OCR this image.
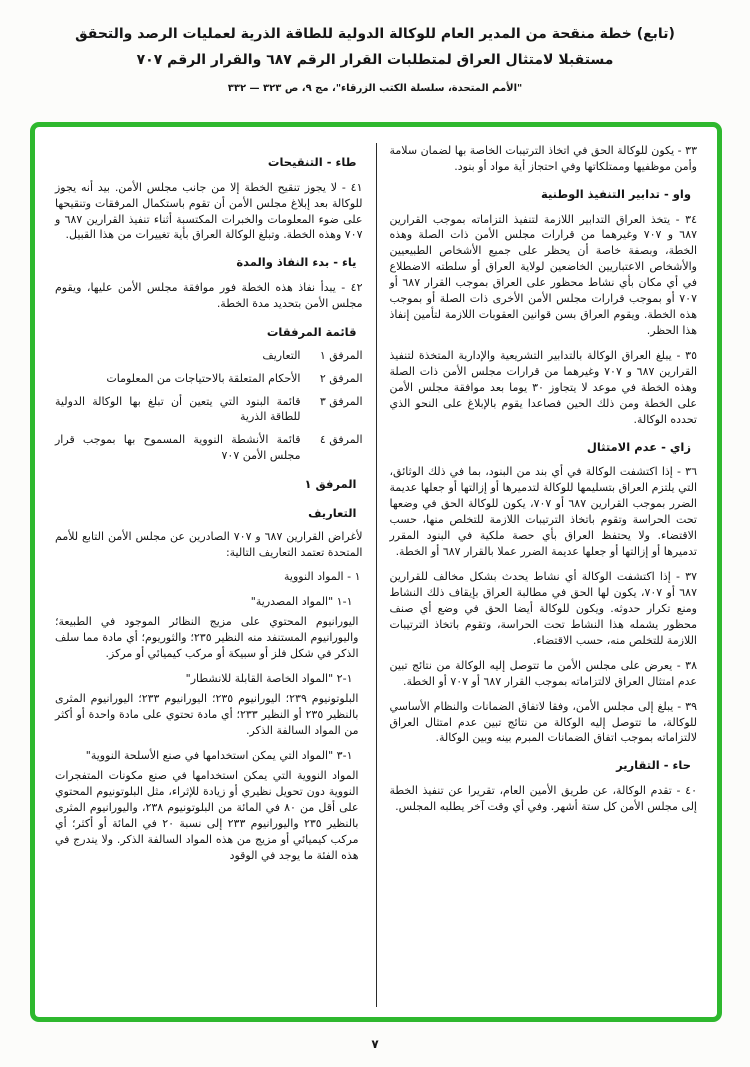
(تابع) خطة منقحة من المدير العام للوكالة الدولية للطاقة الذرية لعمليات الرصد والتحقق
مستقبلا لامتثال العراق لمتطلبات القرار الرقم ٦٨٧ والقرار الرقم ٧٠٧
"الأمم المتحدة، سلسلة الكتب الزرقاء"، مج ٩، ص ٣٢٣ — ٣٣٢

٣٣ - يكون للوكالة الحق في اتخاذ الترتيبات الخاصة بها لضمان سلامة وأمن موظفيها وممتلكاتها وفي احتجاز أية مواد أو بنود.

واو - تدابير التنفيذ الوطنية

٣٤ - يتخذ العراق التدابير اللازمة لتنفيذ التزاماته بموجب القرارين ٦٨٧ و ٧٠٧ وغيرهما من قرارات مجلس الأمن ذات الصلة وهذه الخطة، وبصفة خاصة أن يحظر على جميع الأشخاص الطبيعيين والأشخاص الاعتباريين الخاضعين لولاية العراق أو سلطته الاضطلاع في أي مكان بأي نشاط محظور على العراق بموجب القرار ٦٨٧ أو ٧٠٧ أو بموجب قرارات مجلس الأمن الأخرى ذات الصلة أو بموجب هذه الخطة. ويقوم العراق بسن قوانين العقوبات اللازمة لتأمين إنفاذ هذا الحظر.

٣٥ - يبلغ العراق الوكالة بالتدابير التشريعية والإدارية المتخذة لتنفيذ القرارين ٦٨٧ و ٧٠٧ وغيرهما من قرارات مجلس الأمن ذات الصلة وهذه الخطة في موعد لا يتجاوز ٣٠ يوما بعد موافقة مجلس الأمن على الخطة ومن ذلك الحين فصاعدا يقوم بالإبلاغ على النحو الذي تحدده الوكالة.

زاي - عدم الامتثال

٣٦ - إذا اكتشفت الوكالة في أي بند من البنود، بما في ذلك الوثائق، التي يلتزم العراق بتسليمها للوكالة لتدميرها أو إزالتها أو جعلها عديمة الضرر بموجب القرارين ٦٨٧ أو ٧٠٧، يكون للوكالة الحق في وضعها تحت الحراسة وتقوم باتخاذ الترتيبات اللازمة للتخلص منها، حسب الاقتضاء. ولا يحتفظ العراق بأي حصة ملكية في البنود المقرر تدميرها أو إزالتها أو جعلها عديمة الضرر عملا بالقرار ٦٨٧ أو الخطة.

٣٧ - إذا اكتشفت الوكالة أي نشاط يحدث بشكل مخالف للقرارين ٦٨٧ أو ٧٠٧، يكون لها الحق في مطالبة العراق بإيقاف ذلك النشاط ومنع تكرار حدوثه. ويكون للوكالة أيضا الحق في وضع أي صنف محظور يشمله هذا النشاط تحت الحراسة، وتقوم باتخاذ الترتيبات اللازمة للتخلص منه، حسب الاقتضاء.

٣٨ - يعرض على مجلس الأمن ما تتوصل إليه الوكالة من نتائج تبين عدم امتثال العراق لالتزاماته بموجب القرار ٦٨٧ أو ٧٠٧ أو الخطة.

٣٩ - يبلغ إلى مجلس الأمن، وفقا لاتفاق الضمانات والنظام الأساسي للوكالة، ما تتوصل إليه الوكالة من نتائج تبين عدم امتثال العراق لالتزاماته بموجب اتفاق الضمانات المبرم بينه وبين الوكالة.

حاء - التقارير

٤٠ - تقدم الوكالة، عن طريق الأمين العام، تقريرا عن تنفيذ الخطة إلى مجلس الأمن كل ستة أشهر. وفي أي وقت آخر يطلبه المجلس.

طاء - التنقيحات

٤١ - لا يجوز تنقيح الخطة إلا من جانب مجلس الأمن. بيد أنه يجوز للوكالة بعد إبلاغ مجلس الأمن أن تقوم باستكمال المرفقات وتنقيحها على ضوء المعلومات والخبرات المكتسبة أثناء تنفيذ القرارين ٦٨٧ و ٧٠٧ وهذه الخطة. وتبلغ الوكالة العراق بأية تغييرات من هذا القبيل.

ياء - بدء النفاذ والمدة

٤٢ - يبدأ نفاذ هذه الخطة فور موافقة مجلس الأمن عليها، ويقوم مجلس الأمن بتحديد مدة الخطة.

قائمة المرفقات
المرفق ١
التعاريف
المرفق ٢
الأحكام المتعلقة بالاحتياجات من المعلومات
المرفق ٣
قائمة البنود التي يتعين أن تبلغ بها الوكالة الدولية للطاقة الذرية
المرفق ٤
قائمة الأنشطة النووية المسموح بها بموجب قرار مجلس الأمن ٧٠٧
المرفق ١
التعاريف

لأغراض القرارين ٦٨٧ و ٧٠٧ الصادرين عن مجلس الأمن التابع للأمم المتحدة تعتمد التعاريف التالية:

١ - المواد النووية

١-١ "المواد المصدرية"

اليورانيوم المحتوي على مزيج النظائر الموجود في الطبيعة؛ واليورانيوم المستنفد منه النظير ٢٣٥؛ والثوريوم؛ أي مادة مما سلف الذكر في شكل فلز أو سبيكة أو مركب كيميائي أو مركز.

١-٢ "المواد الخاصة القابلة للانشطار"

البلوتونيوم ٢٣٩؛ اليورانيوم ٢٣٥؛ اليورانيوم ٢٣٣؛ اليورانيوم المثرى بالنظير ٢٣٥ أو النظير ٢٣٣؛ أي مادة تحتوي على مادة واحدة أو أكثر من المواد السالفة الذكر.

١-٣ "المواد التي يمكن استخدامها في صنع الأسلحة النووية"

المواد النووية التي يمكن استخدامها في صنع مكونات المتفجرات النووية دون تحويل نظيري أو زيادة للإثراء، مثل البلوتونيوم المحتوي على أقل من ٨٠ في المائة من البلوتونيوم ٢٣٨، واليورانيوم المثرى بالنظير ٢٣٥ واليورانيوم ٢٣٣ إلى نسبة ٢٠ في المائة أو أكثر؛ أي مركب كيميائي أو مزيج من هذه المواد السالفة الذكر. ولا يندرج في هذه الفئة ما يوجد في الوقود

٧
